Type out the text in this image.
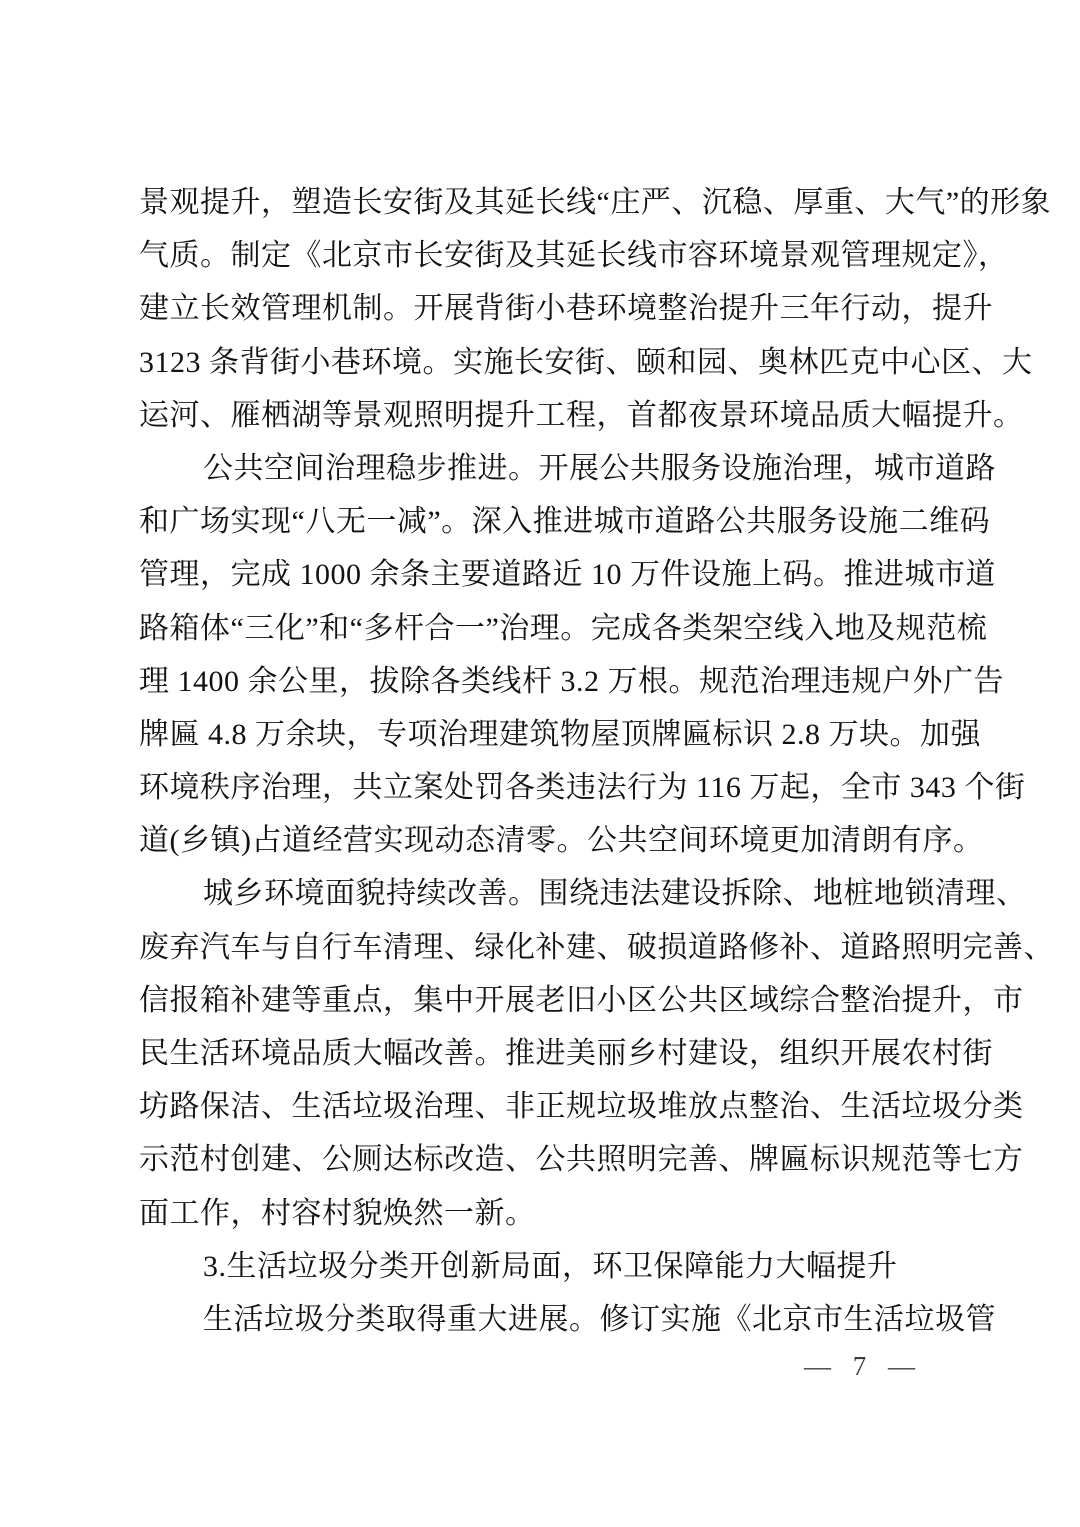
景观提升，塑造长安街及其延长线“庄严、沉稳、厚重、大气”的形象
气质。制定《北京市长安街及其延长线市容环境景观管理规定》，
建立长效管理机制。开展背街小巷环境整治提升三年行动，提升
3123 条背街小巷环境。实施长安街、颐和园、奥林匹克中心区、大
运河、雁栖湖等景观照明提升工程，首都夜景环境品质大幅提升。
公共空间治理稳步推进。开展公共服务设施治理，城市道路
和广场实现“八无一减”。深入推进城市道路公共服务设施二维码
管理，完成 1000 余条主要道路近 10 万件设施上码。推进城市道
路箱体“三化”和“多杆合一”治理。完成各类架空线入地及规范梳
理 1400 余公里，拔除各类线杆 3.2 万根。规范治理违规户外广告
牌匾 4.8 万余块，专项治理建筑物屋顶牌匾标识 2.8 万块。加强
环境秩序治理，共立案处罚各类违法行为 116 万起，全市 343 个街
道(乡镇)占道经营实现动态清零。公共空间环境更加清朗有序。
城乡环境面貌持续改善。围绕违法建设拆除、地桩地锁清理、
废弃汽车与自行车清理、绿化补建、破损道路修补、道路照明完善、
信报箱补建等重点，集中开展老旧小区公共区域综合整治提升，市
民生活环境品质大幅改善。推进美丽乡村建设，组织开展农村街
坊路保洁、生活垃圾治理、非正规垃圾堆放点整治、生活垃圾分类
示范村创建、公厕达标改造、公共照明完善、牌匾标识规范等七方
面工作，村容村貌焕然一新。
3.生活垃圾分类开创新局面，环卫保障能力大幅提升
生活垃圾分类取得重大进展。修订实施《北京市生活垃圾管
— 7 —
